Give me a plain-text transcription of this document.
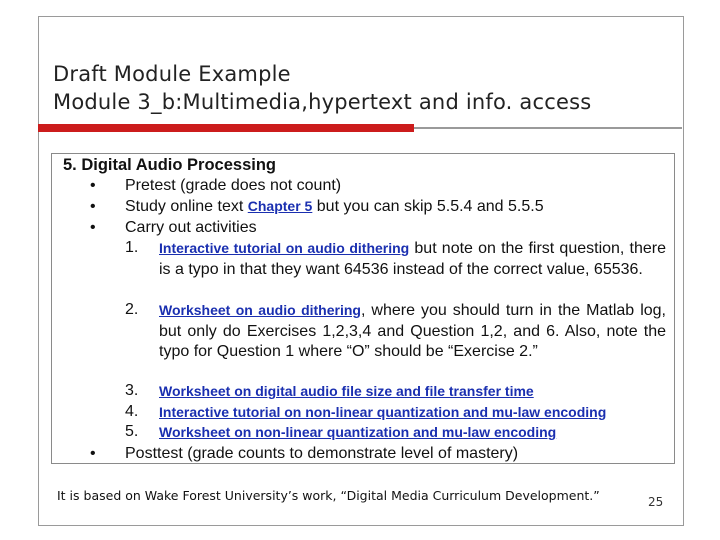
Draft Module Example
Module 3_b:Multimedia,hypertext and info. access
5. Digital Audio Processing
• Pretest (grade does not count)
• Study online text Chapter 5 but you can skip 5.5.4 and 5.5.5
• Carry out activities
1. Interactive tutorial on audio dithering but note on the first question, there is a typo in that they want 64536 instead of the correct value, 65536.
2. Worksheet on audio dithering, where you should turn in the Matlab log, but only do Exercises 1,2,3,4 and Question 1,2, and 6. Also, note the typo for Question 1 where “O” should be “Exercise 2.”
3. Worksheet on digital audio file size and file transfer time
4. Interactive tutorial on non-linear quantization and mu-law encoding
5. Worksheet on non-linear quantization and mu-law encoding
• Posttest (grade counts to demonstrate level of mastery)
It is based on Wake Forest University’s work, “Digital Media Curriculum Development.”	25
